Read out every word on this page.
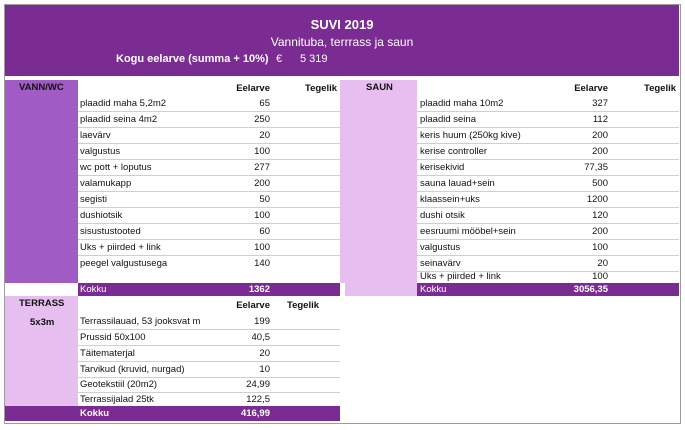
SUVI 2019
Vannituba, terrrass ja saun
Kogu eelarve (summa + 10%) € 5 319
VANN/WC	Eelarve	Tegelik
plaadid maha 5,2m2	65
plaadid seina 4m2	250
laevärv	20
valgustus	100
wc pott + loputus	277
valamukapp	200
segisti	50
dushiotsik	100
sisustustooted	60
Uks + piirded + link	100
peegel valgustusega	140
Kokku	1362
SAUN	Eelarve	Tegelik
plaadid maha 10m2	327
plaadid seina	112
keris huum (250kg kive)	200
kerise controller	200
kerisekivid	77,35
sauna lauad+sein	500
klaassein+uks	1200
dushi otsik	120
eesruumi mööbel+sein	200
valgustus	100
seinavärv	20
Uks + piirded + link	100
Kokku	3056,35
TERRASS
5x3m
Eelarve Tegelik
Terrassilauad, 53 jooksvat m	199
Prussid 50x100	40,5
Täitematerjal	20
Tarvikud (kruvid, nurgad)	10
Geotekstiil (20m2)	24,99
Terrassijalad 25tk	122,5
Kokku	416,99
